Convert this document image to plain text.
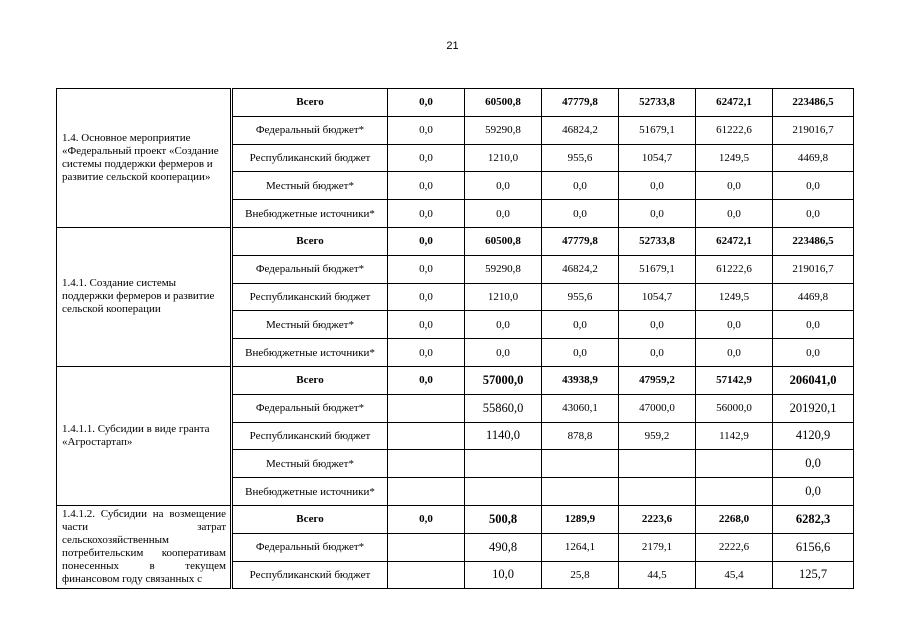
21
1.4. Основное мероприятие «Федеральный проект «Создание системы поддержки фермеров и развитие сельской кооперации»	Всего	0,0	60500,8	47779,8	52733,8	62472,1	223486,5
	Федеральный бюджет*	0,0	59290,8	46824,2	51679,1	61222,6	219016,7
	Республиканский бюджет	0,0	1210,0	955,6	1054,7	1249,5	4469,8
	Местный бюджет*	0,0	0,0	0,0	0,0	0,0	0,0
	Внебюджетные источники*	0,0	0,0	0,0	0,0	0,0	0,0
1.4.1. Создание системы поддержки фермеров и развитие сельской кооперации	Всего	0,0	60500,8	47779,8	52733,8	62472,1	223486,5
	Федеральный бюджет*	0,0	59290,8	46824,2	51679,1	61222,6	219016,7
	Республиканский бюджет	0,0	1210,0	955,6	1054,7	1249,5	4469,8
	Местный бюджет*	0,0	0,0	0,0	0,0	0,0	0,0
	Внебюджетные источники*	0,0	0,0	0,0	0,0	0,0	0,0
1.4.1.1. Субсидии в виде гранта «Агростартап»	Всего	0,0	57000,0	43938,9	47959,2	57142,9	206041,0
	Федеральный бюджет*		55860,0	43060,1	47000,0	56000,0	201920,1
	Республиканский бюджет		1140,0	878,8	959,2	1142,9	4120,9
	Местный бюджет*						0,0
	Внебюджетные источники*						0,0
1.4.1.2. Субсидии на возмещение части затрат сельскохозяйственным потребительским кооперативам понесенных в текущем финансовом году связанных с	Всего	0,0	500,8	1289,9	2223,6	2268,0	6282,3
	Федеральный бюджет*		490,8	1264,1	2179,1	2222,6	6156,6
	Республиканский бюджет		10,0	25,8	44,5	45,4	125,7
